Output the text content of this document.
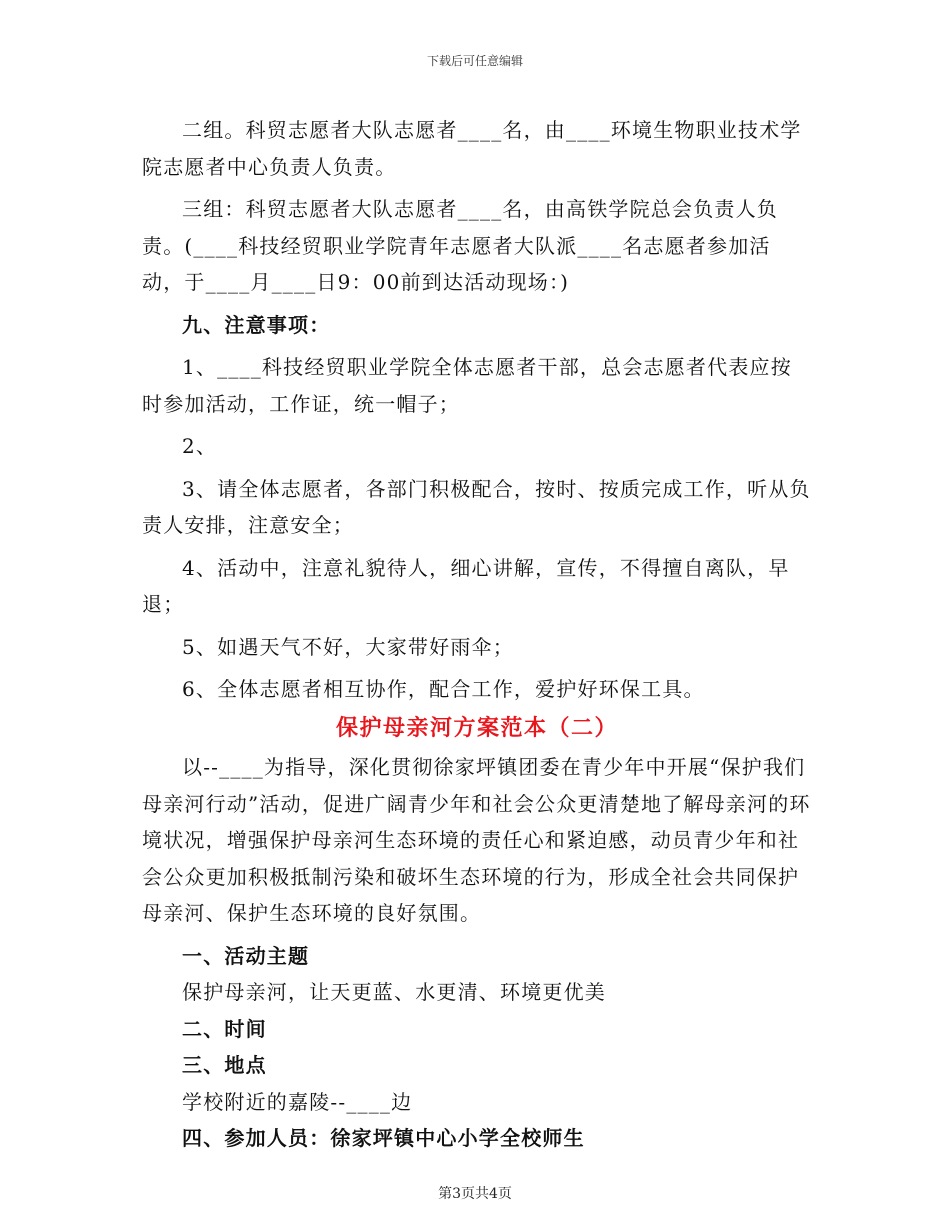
下载后可任意编辑

二组。科贸志愿者大队志愿者____名，由____环境生物职业技术学院志愿者中心负责人负责。

三组：科贸志愿者大队志愿者____名，由高铁学院总会负责人负责。(____科技经贸职业学院青年志愿者大队派____名志愿者参加活动，于____月____日9：00前到达活动现场：)

九、注意事项：

1、____科技经贸职业学院全体志愿者干部，总会志愿者代表应按时参加活动，工作证，统一帽子；

2、

3、请全体志愿者，各部门积极配合，按时、按质完成工作，听从负责人安排，注意安全；

4、活动中，注意礼貌待人，细心讲解，宣传，不得擅自离队，早退；

5、如遇天气不好，大家带好雨伞；

6、全体志愿者相互协作，配合工作，爱护好环保工具。

保护母亲河方案范本（二）

以--____为指导，深化贯彻徐家坪镇团委在青少年中开展“保护我们母亲河行动”活动，促进广阔青少年和社会公众更清楚地了解母亲河的环境状况，增强保护母亲河生态环境的责任心和紧迫感，动员青少年和社会公众更加积极抵制污染和破坏生态环境的行为，形成全社会共同保护母亲河、保护生态环境的良好氛围。

一、活动主题

保护母亲河，让天更蓝、水更清、环境更优美

二、时间
三、地点

学校附近的嘉陵--____边

四、参加人员：徐家坪镇中心小学全校师生
第3页共4页
